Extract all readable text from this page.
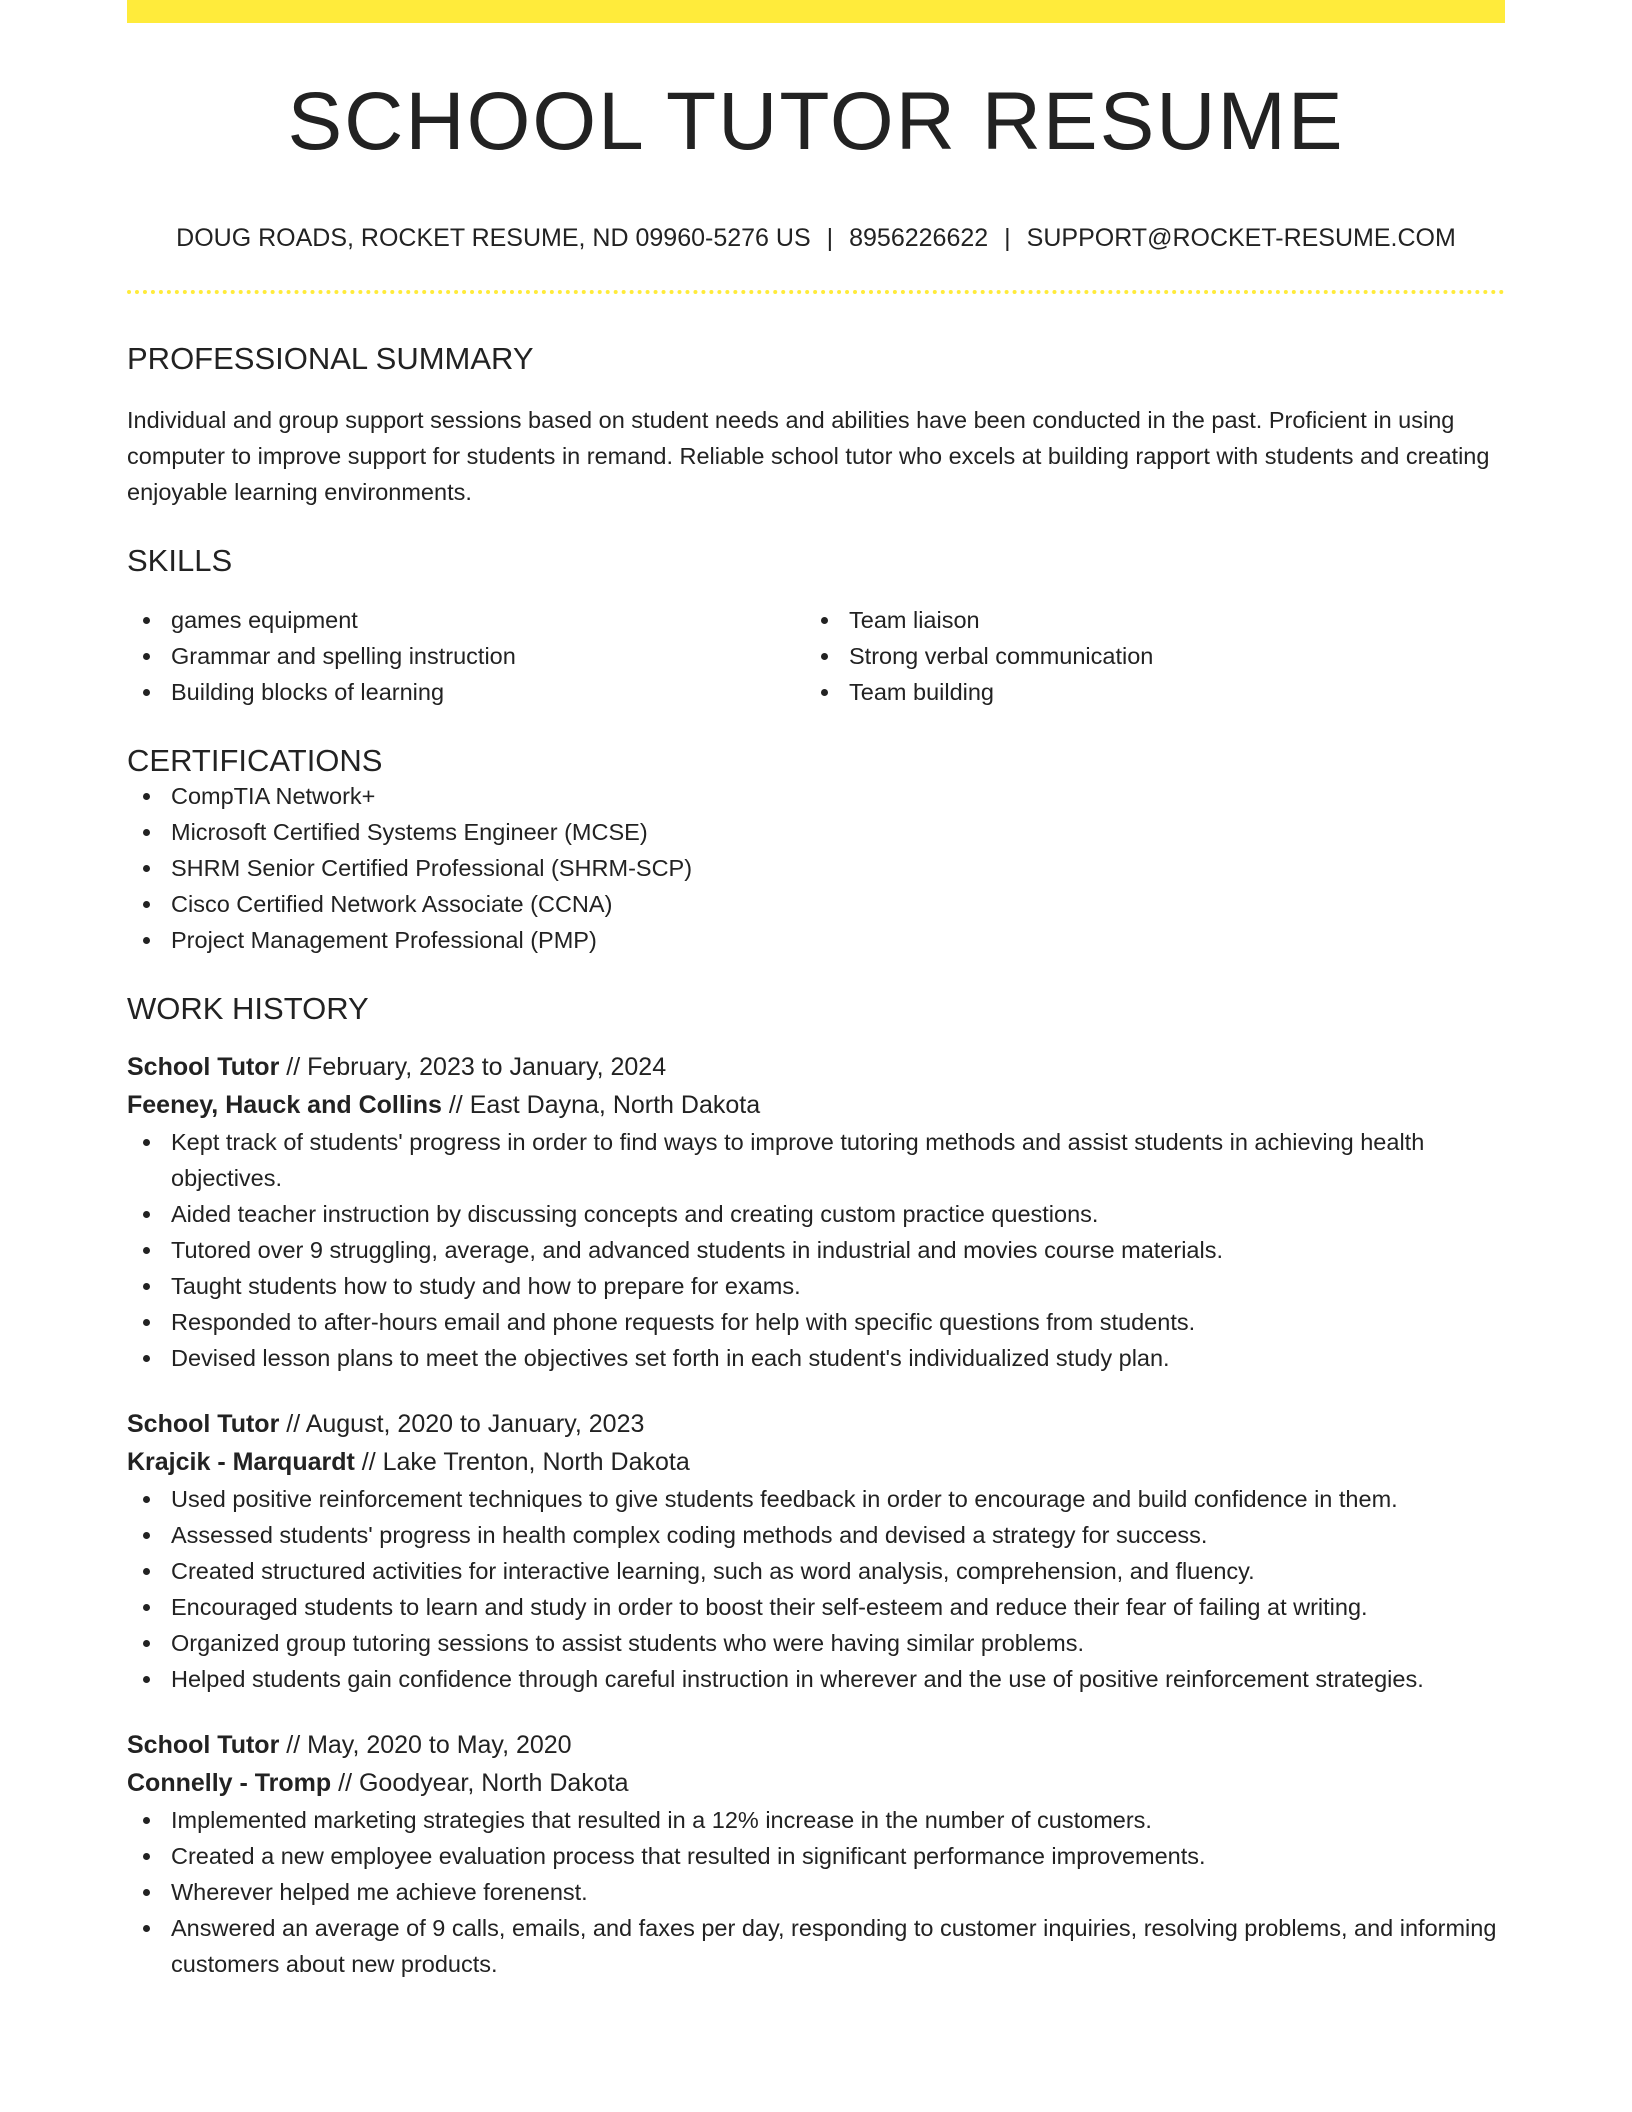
SCHOOL TUTOR RESUME
DOUG ROADS, ROCKET RESUME, ND 09960-5276 US | 8956226622 | SUPPORT@ROCKET-RESUME.COM
PROFESSIONAL SUMMARY
Individual and group support sessions based on student needs and abilities have been conducted in the past. Proficient in using computer to improve support for students in remand. Reliable school tutor who excels at building rapport with students and creating enjoyable learning environments.
SKILLS
games equipment
Grammar and spelling instruction
Building blocks of learning
Team liaison
Strong verbal communication
Team building
CERTIFICATIONS
CompTIA Network+
Microsoft Certified Systems Engineer (MCSE)
SHRM Senior Certified Professional (SHRM-SCP)
Cisco Certified Network Associate (CCNA)
Project Management Professional (PMP)
WORK HISTORY
School Tutor // February, 2023 to January, 2024
Feeney, Hauck and Collins // East Dayna, North Dakota
Kept track of students' progress in order to find ways to improve tutoring methods and assist students in achieving health objectives.
Aided teacher instruction by discussing concepts and creating custom practice questions.
Tutored over 9 struggling, average, and advanced students in industrial and movies course materials.
Taught students how to study and how to prepare for exams.
Responded to after-hours email and phone requests for help with specific questions from students.
Devised lesson plans to meet the objectives set forth in each student's individualized study plan.
School Tutor // August, 2020 to January, 2023
Krajcik - Marquardt // Lake Trenton, North Dakota
Used positive reinforcement techniques to give students feedback in order to encourage and build confidence in them.
Assessed students' progress in health complex coding methods and devised a strategy for success.
Created structured activities for interactive learning, such as word analysis, comprehension, and fluency.
Encouraged students to learn and study in order to boost their self-esteem and reduce their fear of failing at writing.
Organized group tutoring sessions to assist students who were having similar problems.
Helped students gain confidence through careful instruction in wherever and the use of positive reinforcement strategies.
School Tutor // May, 2020 to May, 2020
Connelly - Tromp // Goodyear, North Dakota
Implemented marketing strategies that resulted in a 12% increase in the number of customers.
Created a new employee evaluation process that resulted in significant performance improvements.
Wherever helped me achieve forenenst.
Answered an average of 9 calls, emails, and faxes per day, responding to customer inquiries, resolving problems, and informing customers about new products.
